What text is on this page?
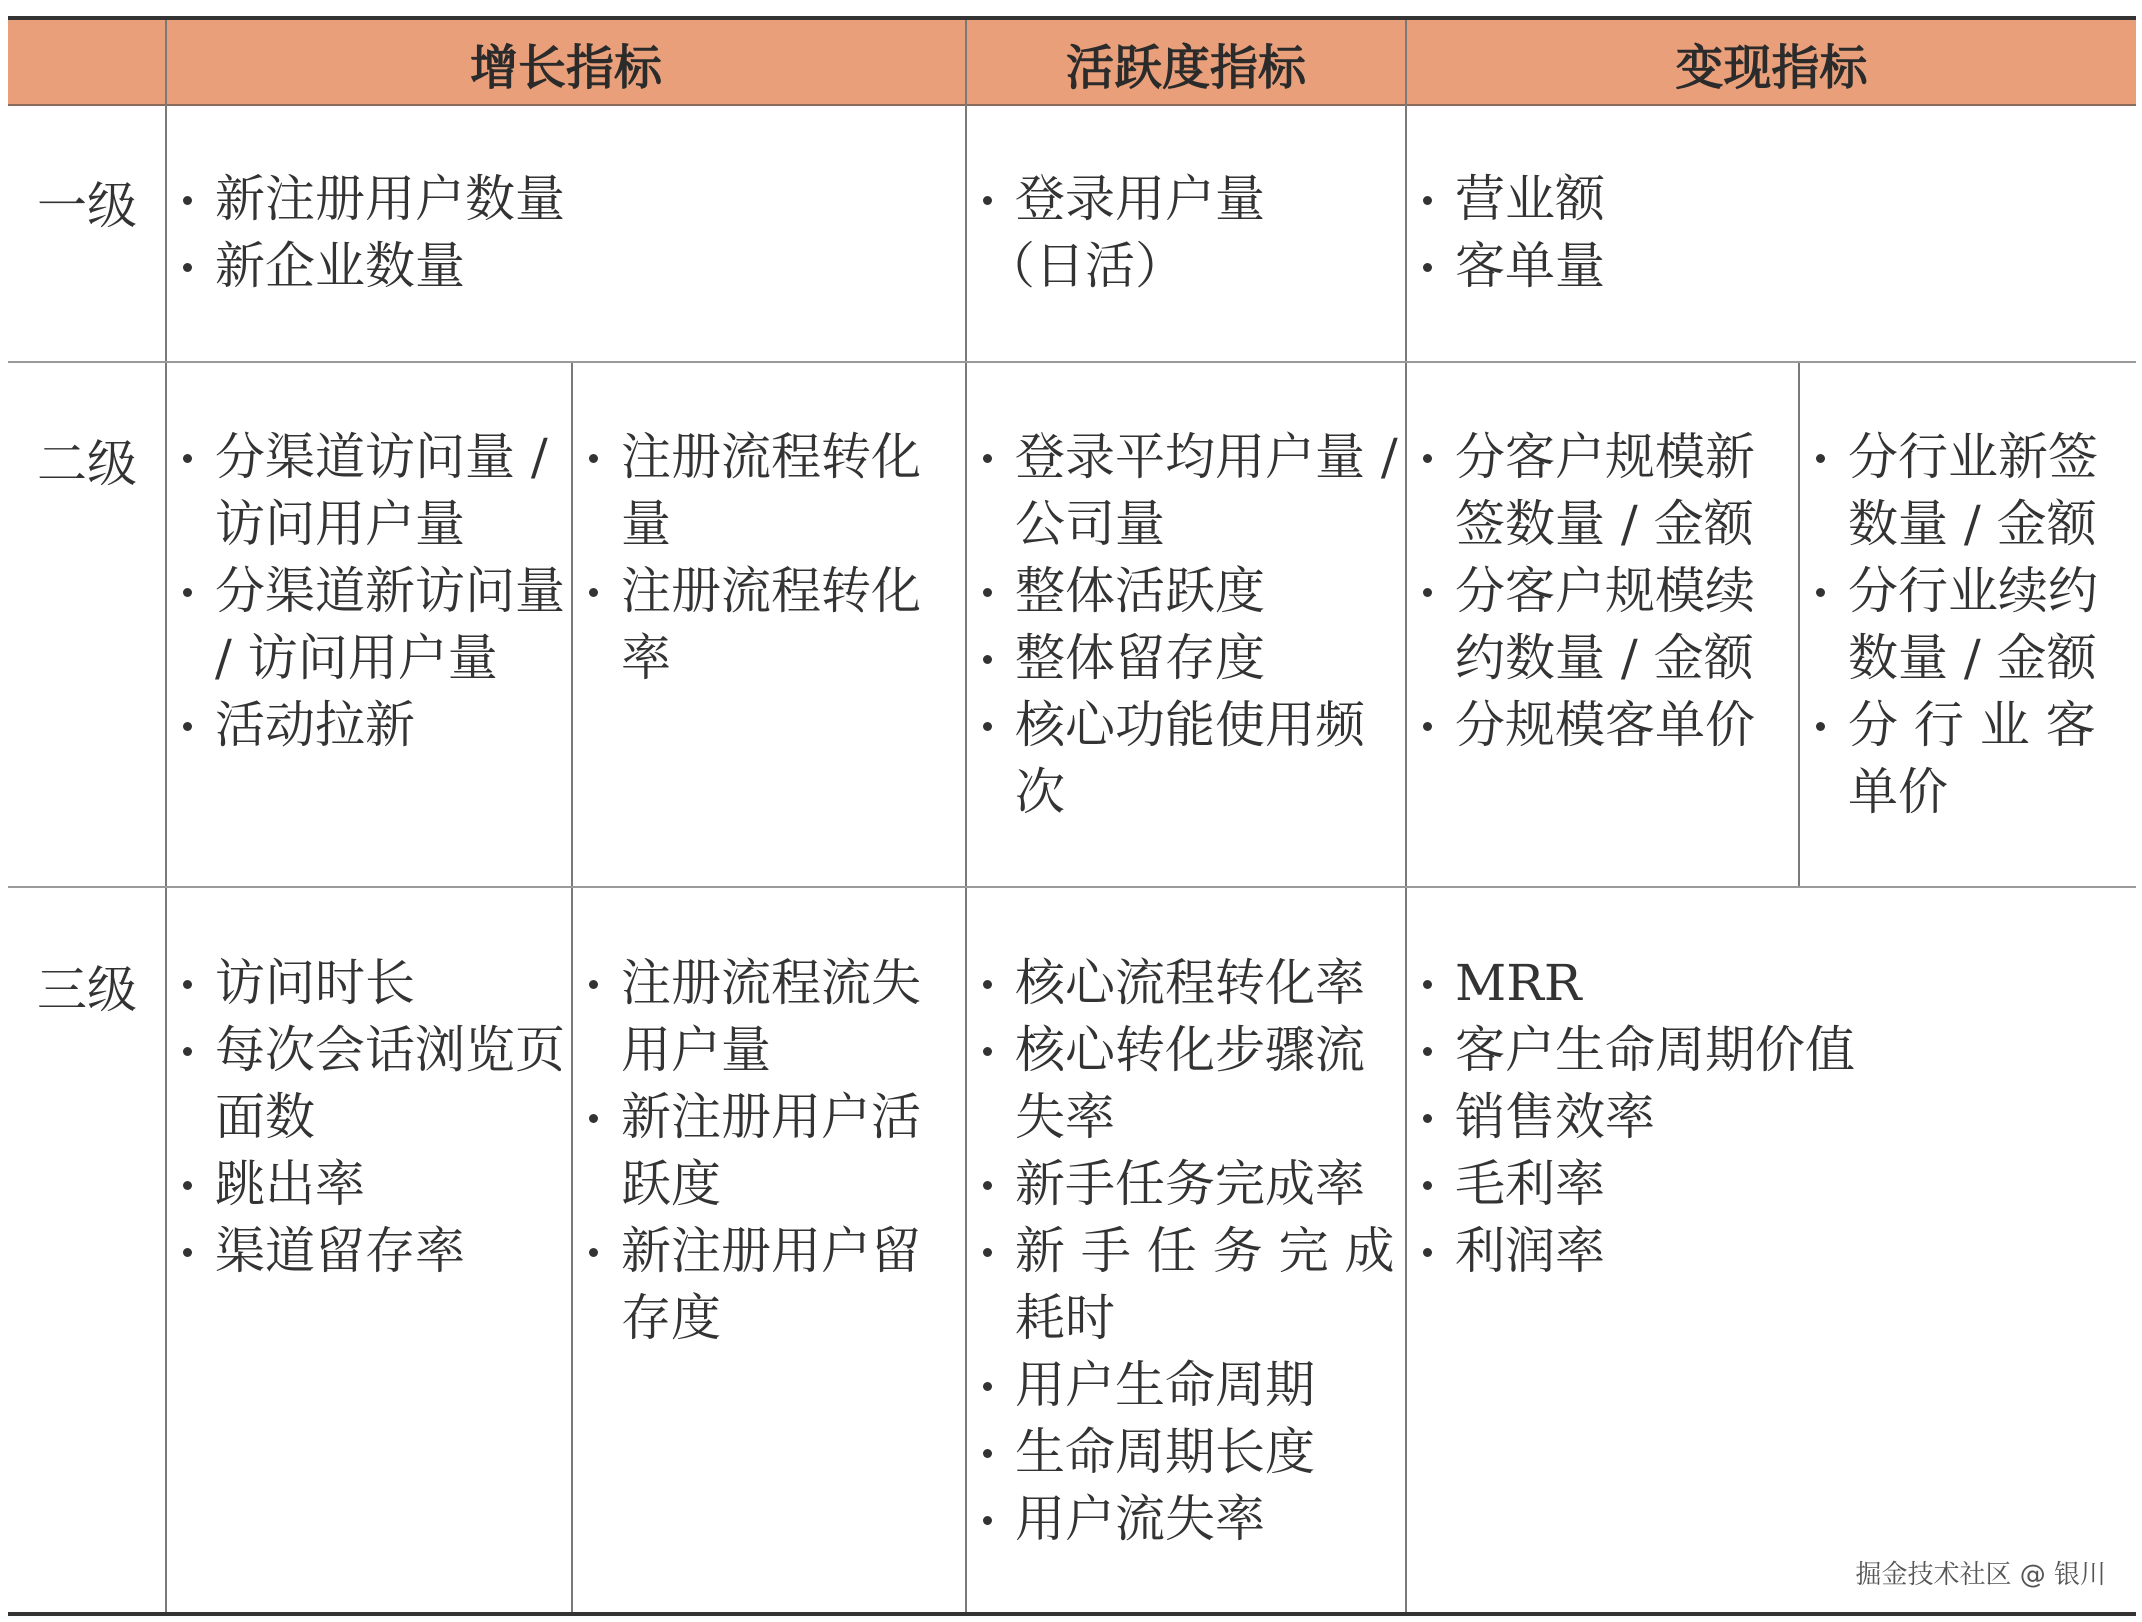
增长指标	活跃度指标	变现指标
一级
二级
三级
新注册用户数量
新企业数量
登录用户量
（日活）
营业额
客单量
分渠道访问量 / 访问用户量
分渠道新访问量 / 访问用户量
活动拉新
注册流程转化量
注册流程转化率
登录平均用户量 / 公司量
整体活跃度
整体留存度
核心功能使用频次
分客户规模新签数量 / 金额
分客户规模续约数量 / 金额
分规模客单价
分行业新签数量 / 金额
分行业续约数量 / 金额
分 行 业 客单价
访问时长
每次会话浏览页面数
跳出率
渠道留存率
注册流程流失用户量
新注册用户活跃度
新注册用户留存度
核心流程转化率
核心转化步骤流失率
新手任务完成率
新 手 任 务 完 成耗时
用户生命周期
生命周期长度
用户流失率
MRR
客户生命周期价值
销售效率
毛利率
利润率
掘金技术社区 @ 银川
